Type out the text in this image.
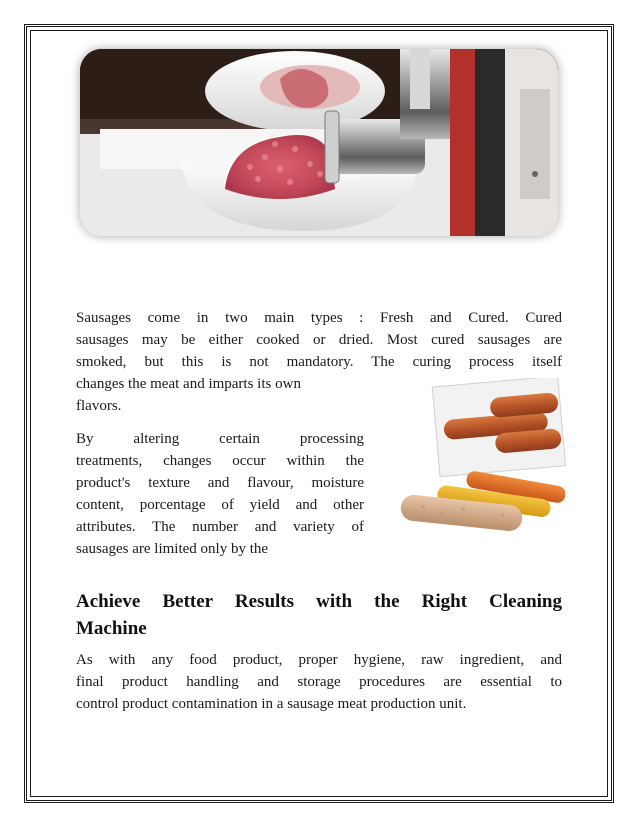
Sausages come in two main types : Fresh and Cured. Cured
sausages may be either cooked or dried. Most cured sausages are
smoked, but this is not mandatory. The curing process itself
changes the meat and imparts its own
flavors.
By altering certain processing
treatments, changes occur within the
product's texture and flavour, moisture
content, porcentage of yield and other
attributes. The number and variety of
sausages are limited only by the
Achieve Better Results with the Right Cleaning
Machine
As with any food product, proper hygiene, raw ingredient, and
final product handling and storage procedures are essential to
control product contamination in a sausage meat production unit.
